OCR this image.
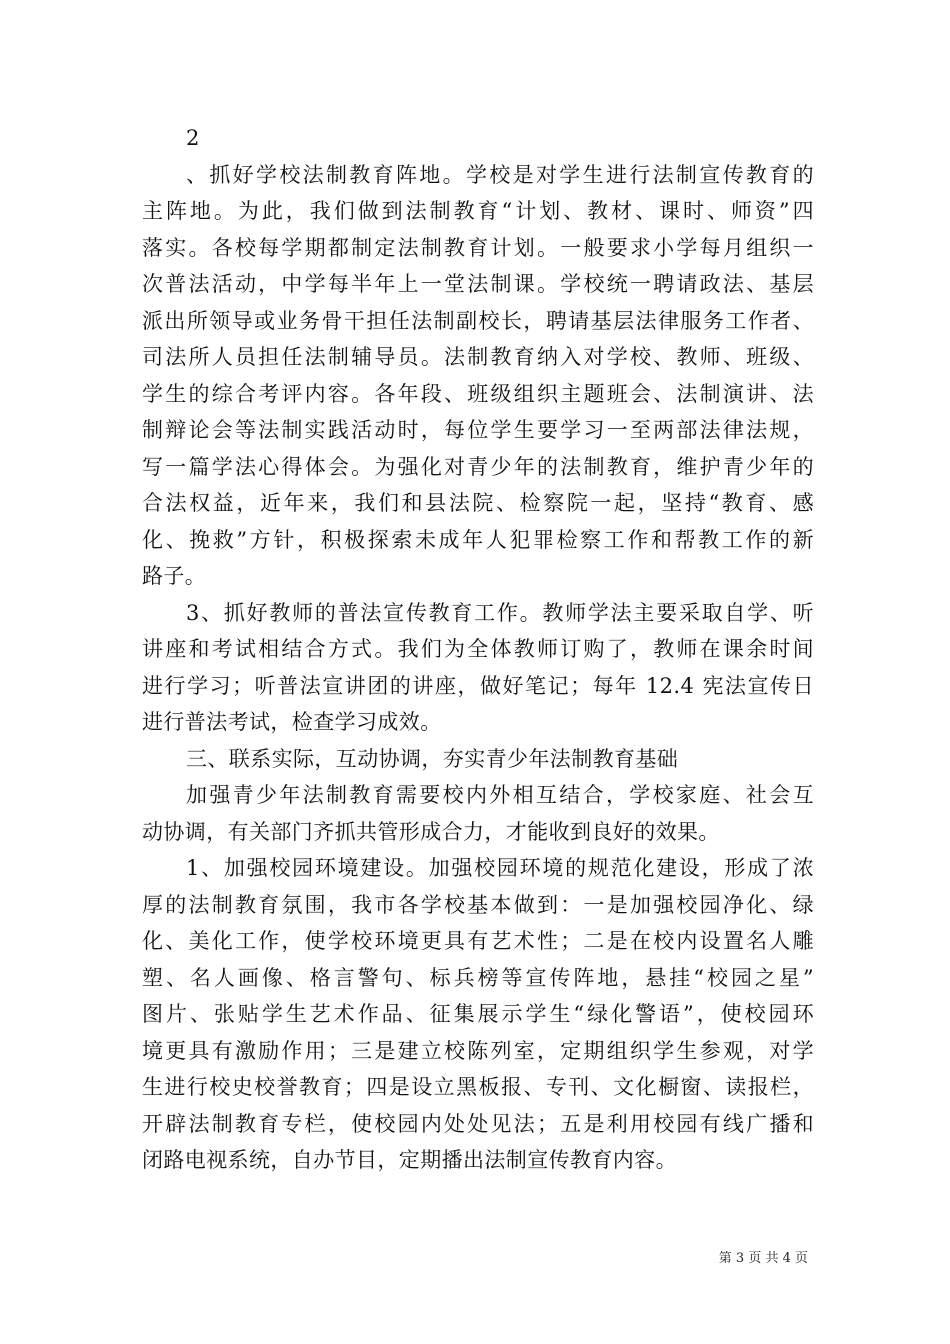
2
、抓好学校法制教育阵地。学校是对学生进行法制宣传教育的
主阵地。为此，我们做到法制教育“计划、教材、课时、师资”四
落实。各校每学期都制定法制教育计划。一般要求小学每月组织一
次普法活动，中学每半年上一堂法制课。学校统一聘请政法、基层
派出所领导或业务骨干担任法制副校长，聘请基层法律服务工作者、
司法所人员担任法制辅导员。法制教育纳入对学校、教师、班级、
学生的综合考评内容。各年段、班级组织主题班会、法制演讲、法
制辩论会等法制实践活动时，每位学生要学习一至两部法律法规，
写一篇学法心得体会。为强化对青少年的法制教育，维护青少年的
合法权益，近年来，我们和县法院、检察院一起，坚持“教育、感
化、挽救”方针，积极探索未成年人犯罪检察工作和帮教工作的新
路子。
3、抓好教师的普法宣传教育工作。教师学法主要采取自学、听
讲座和考试相结合方式。我们为全体教师订购了，教师在课余时间
进行学习；听普法宣讲团的讲座，做好笔记；每年 12.4 宪法宣传日
进行普法考试，检查学习成效。
三、联系实际，互动协调，夯实青少年法制教育基础
加强青少年法制教育需要校内外相互结合，学校家庭、社会互
动协调，有关部门齐抓共管形成合力，才能收到良好的效果。
1、加强校园环境建设。加强校园环境的规范化建设，形成了浓
厚的法制教育氛围，我市各学校基本做到：一是加强校园净化、绿
化、美化工作，使学校环境更具有艺术性；二是在校内设置名人雕
塑、名人画像、格言警句、标兵榜等宣传阵地，悬挂“校园之星”
图片、张贴学生艺术作品、征集展示学生“绿化警语”，使校园环
境更具有激励作用；三是建立校陈列室，定期组织学生参观，对学
生进行校史校誉教育；四是设立黑板报、专刊、文化橱窗、读报栏，
开辟法制教育专栏，使校园内处处见法；五是利用校园有线广播和
闭路电视系统，自办节目，定期播出法制宣传教育内容。
第 3 页 共 4 页
